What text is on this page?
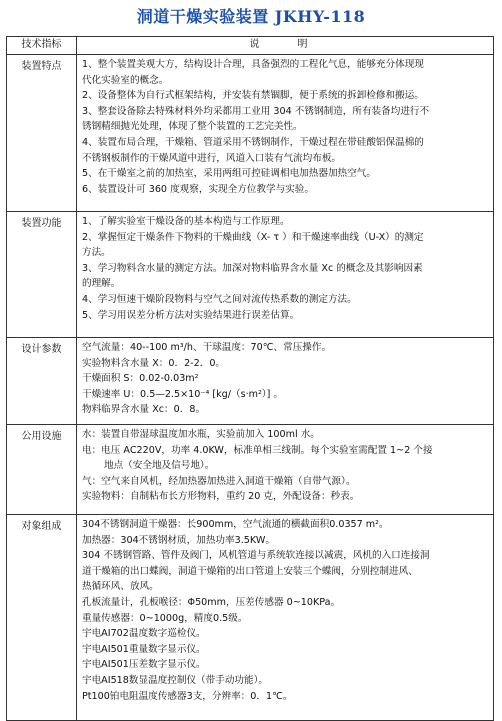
洞道干燥实验装置 JKHY-118
技术指标	说　明
装置特点	1、整个装置美观大方，结构设计合理，具备强烈的工程化气息，能够充分体现现
代化实验室的概念。
2、设备整体为自行式框架结构，并安装有禁锢脚，便于系统的拆卸检修和搬运。
3、整套设备除去特殊材料外均采都用工业用 304 不锈钢制造，所有装备均进行不
锈钢精细抛光处理，体现了整个装置的工艺完美性。
4、装置布局合理，干燥箱、管道采用不锈钢制作，干燥过程在带硅酸铝保温棉的
不锈钢板制作的干燥风道中进行，风道入口装有气流均布板。
5、在干燥室之前的加热室，采用两组可控硅调相电加热器加热空气。
6、装置设计可 360 度观察，实现全方位教学与实验。
装置功能	1、了解实验室干燥设备的基本构造与工作原理。
2、掌握恒定干燥条件下物料的干燥曲线（X- τ ）和干燥速率曲线（U-X）的测定
方法。
3、学习物料含水量的测定方法。加深对物料临界含水量 Xc 的概念及其影响因素
的理解。
4、学习恒速干燥阶段物料与空气之间对流传热系数的测定方法。
5、学习用误差分析方法对实验结果进行误差估算。
设计参数	空气流量：40--100 m³/h、干球温度：70℃、常压操作。
实验物料含水量 X：0．2-2．0。
干燥面积 S：0.02-0.03m²
干燥速率 U：0.5—2.5×10⁻⁴ [kg/（s·m²）] 。
物料临界含水量 Xc：0．8。
公用设施	水：装置自带湿球温度加水瓶，实验前加入 100ml 水。
电：电压 AC220V，功率 4.0KW，标准单相三线制。每个实验室需配置 1~2 个接
地点（安全地及信号地）。
气：空气来自风机，经加热器加热进入洞道干燥箱（自带气源）。
实验物料：自制粘布长方形物料，重约 20 克，外配设备：秒表。
对象组成	304不锈钢洞道干燥器：长900mm，空气流通的横截面积0.0357 m²。
加热器：304不锈钢材质，加热功率3.5KW。
304 不锈钢管路、管件及阀门，风机管道与系统软连接以减震，风机的入口连接洞
道干燥箱的出口蝶阀，洞道干燥箱的出口管道上安装三个蝶阀，分别控制进风、
热循环风、放风。
孔板流量计，孔板喉径：Φ50mm，压差传感器 0~10KPa。
重量传感器：0~1000g，精度0.5级。
宇电AI702温度数字巡检仪。
宇电AI501重量数字显示仪。
宇电AI501压差数字显示仪。
宇电AI518数显温度控制仪（带手动功能）。
Pt100铂电阻温度传感器3支，分辨率：0．1℃。
